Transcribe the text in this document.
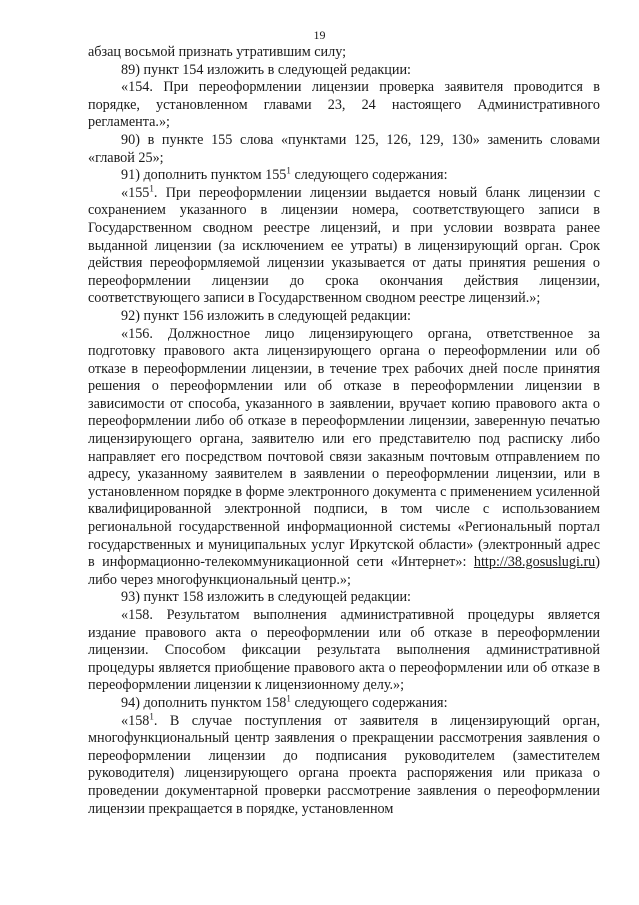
19

абзац восьмой признать утратившим силу;

89) пункт 154 изложить в следующей редакции:

«154. При переоформлении лицензии проверка заявителя проводится в порядке, установленном главами 23, 24 настоящего Административного регламента.»;

90) в пункте 155 слова «пунктами 125, 126, 129, 130» заменить словами «главой 25»;

91) дополнить пунктом $155^1$ следующего содержания:

«$155^1$. При переоформлении лицензии выдается новый бланк лицензии с сохранением указанного в лицензии номера, соответствующего записи в Государственном сводном реестре лицензий, и при условии возврата ранее выданной лицензии (за исключением ее утраты) в лицензирующий орган. Срок действия переоформляемой лицензии указывается от даты принятия решения о переоформлении лицензии до срока окончания действия лицензии, соответствующего записи в Государственном сводном реестре лицензий.»;

92) пункт 156 изложить в следующей редакции:

«156. Должностное лицо лицензирующего органа, ответственное за подготовку правового акта лицензирующего органа о переоформлении или об отказе в переоформлении лицензии, в течение трех рабочих дней после принятия решения о переоформлении или об отказе в переоформлении лицензии в зависимости от способа, указанного в заявлении, вручает копию правового акта о переоформлении либо об отказе в переоформлении лицензии, заверенную печатью лицензирующего органа, заявителю или его представителю под расписку либо направляет его посредством почтовой связи заказным почтовым отправлением по адресу, указанному заявителем в заявлении о переоформлении лицензии, или в установленном порядке в форме электронного документа с применением усиленной квалифицированной электронной подписи, в том числе с использованием региональной государственной информационной системы «Региональный портал государственных и муниципальных услуг Иркутской области» (электронный адрес в информационно-телекоммуникационной сети «Интернет»: http://38.gosuslugi.ru) либо через многофункциональный центр.»;

93) пункт 158 изложить в следующей редакции:

«158. Результатом выполнения административной процедуры является издание правового акта о переоформлении или об отказе в переоформлении лицензии. Способом фиксации результата выполнения административной процедуры является приобщение правового акта о переоформлении или об отказе в переоформлении лицензии к лицензионному делу.»;

94) дополнить пунктом $158^1$ следующего содержания:

«$158^1$. В случае поступления от заявителя в лицензирующий орган, многофункциональный центр заявления о прекращении рассмотрения заявления о переоформлении лицензии до подписания руководителем (заместителем руководителя) лицензирующего органа проекта распоряжения или приказа о проведении документарной проверки рассмотрение заявления о переоформлении лицензии прекращается в порядке, установленном
